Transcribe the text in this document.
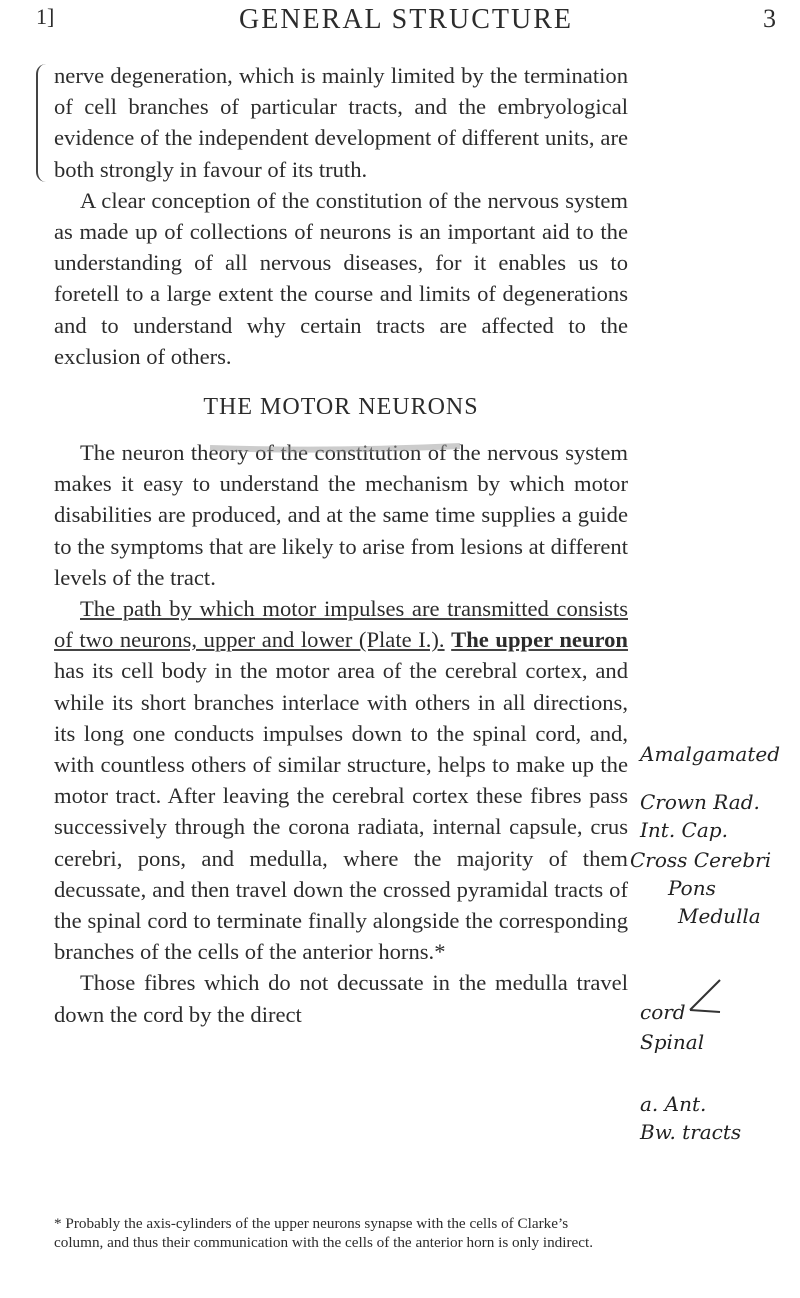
1]	GENERAL STRUCTURE	3

nerve degeneration, which is mainly limited by the termination of cell branches of particular tracts, and the embryological evidence of the independent development of different units, are both strongly in favour of its truth.

A clear conception of the constitution of the nervous system as made up of collections of neurons is an important aid to the understanding of all nervous diseases, for it enables us to foretell to a large extent the course and limits of degenerations and to understand why certain tracts are affected to the exclusion of others.

THE MOTOR NEURONS

The neuron theory of the constitution of the nervous system makes it easy to understand the mechanism by which motor disabilities are produced, and at the same time supplies a guide to the symptoms that are likely to arise from lesions at different levels of the tract.

The path by which motor impulses are transmitted consists of two neurons, upper and lower (Plate I.). The upper neuron has its cell body in the motor area of the cerebral cortex, and while its short branches interlace with others in all directions, its long one conducts impulses down to the spinal cord, and, with countless others of similar structure, helps to make up the motor tract. After leaving the cerebral cortex these fibres pass successively through the corona radiata, internal capsule, crus cerebri, pons, and medulla, where the majority of them decussate, and then travel down the crossed pyramidal tracts of the spinal cord to terminate finally alongside the corresponding branches of the cells of the anterior horns.*

Those fibres which do not decussate in the medulla travel down the cord by the direct

* Probably the axis-cylinders of the upper neurons synapse with the cells of Clarke’s column, and thus their communication with the cells of the anterior horn is only indirect.
Amalgamated
Crown Rad.
Int. Cap.
Cross Cerebri
Pons
Medulla
cord
Spinal
a. Ant.
Bw. tracts
